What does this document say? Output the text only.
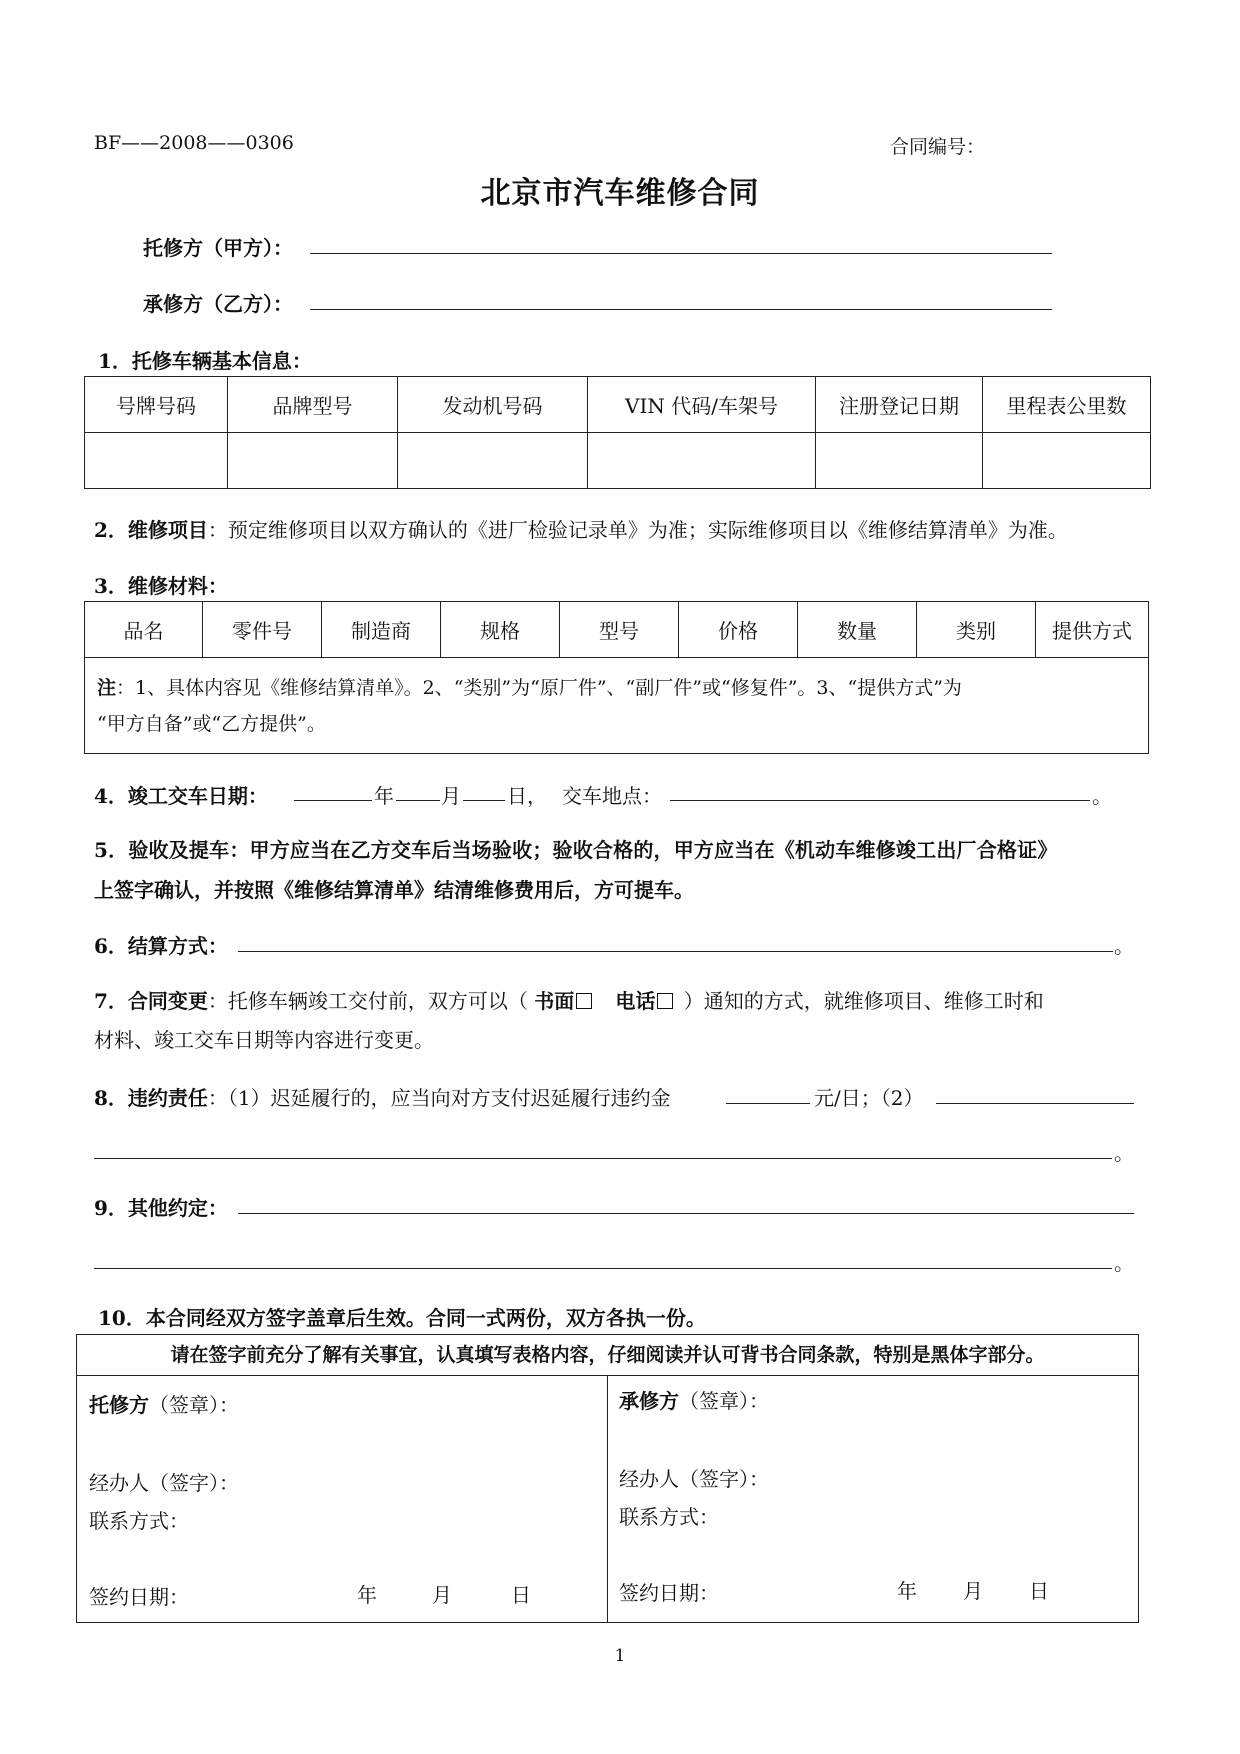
BF——2008——0306	合同编号：
北京市汽车维修合同
托修方（甲方）：
承修方（乙方）：
1．托修车辆基本信息：
号牌号码	品牌型号	发动机号码	VIN 代码/车架号	注册登记日期	里程表公里数

2．维修项目：预定维修项目以双方确认的《进厂检验记录单》为准；实际维修项目以《维修结算清单》为准。
3．维修材料：
品名	零件号	制造商	规格	型号	价格	数量	类别	提供方式

注：1、具体内容见《维修结算清单》。2、“类别”为“原厂件”、“副厂件”或“修复件”。3、“提供方式”为
“甲方自备”或“乙方提供”。
4．竣工交车日期：	年 月 日， 交车地点：	。
5．验收及提车：甲方应当在乙方交车后当场验收；验收合格的，甲方应当在《机动车维修竣工出厂合格证》
上签字确认，并按照《维修结算清单》结清维修费用后，方可提车。
6．结算方式：	。
7．合同变更：托修车辆竣工交付前，双方可以（ 书面 电话 ）通知的方式，就维修项目、维修工时和
材料、竣工交车日期等内容进行变更。
8．违约责任：（1）迟延履行的，应当向对方支付迟延履行违约金	元/日；（2）
。
9．其他约定：
。
10．本合同经双方签字盖章后生效。合同一式两份，双方各执一份。
请在签字前充分了解有关事宜，认真填写表格内容，仔细阅读并认可背书合同条款，特别是黑体字部分。
托修方（签章）：
经办人（签字）：
联系方式：
签约日期：	年	月	日
承修方（签章）：
经办人（签字）：
联系方式：
签约日期：	年 月 日
1
